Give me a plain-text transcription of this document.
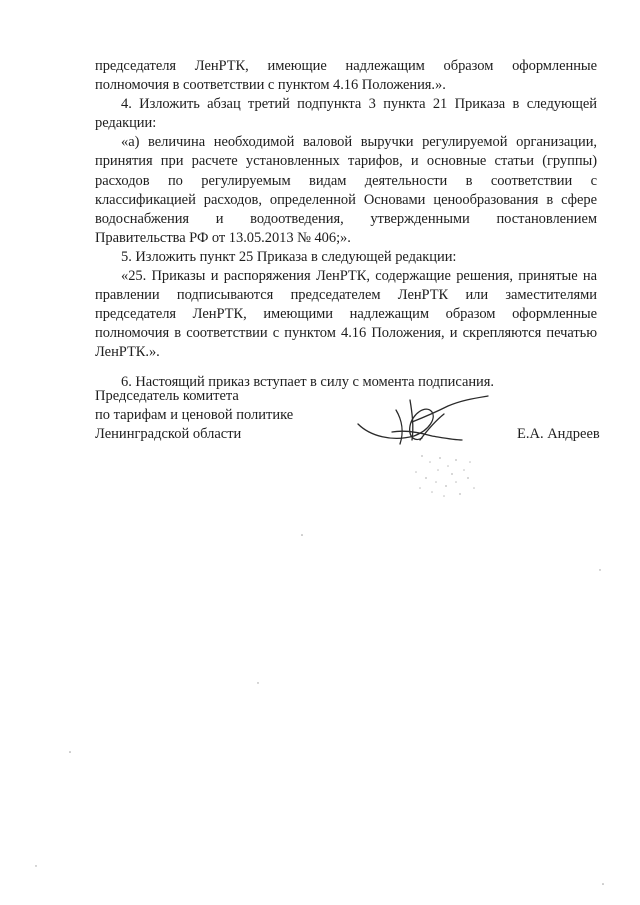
председателя ЛенРТК, имеющие надлежащим образом оформленные полномочия в соответствии с пунктом 4.16 Положения.».

4. Изложить абзац третий подпункта 3 пункта 21 Приказа в следующей редакции:

«а) величина необходимой валовой выручки регулируемой организации, принятия при расчете установленных тарифов, и основные статьи (группы) расходов по регулируемым видам деятельности в соответствии с классификацией расходов, определенной Основами ценообразования в сфере водоснабжения и водоотведения, утвержденными постановлением Правительства РФ от 13.05.2013 № 406;».

5. Изложить пункт 25 Приказа в следующей редакции:

«25. Приказы и распоряжения ЛенРТК, содержащие решения, принятые на правлении подписываются председателем ЛенРТК или заместителями председателя ЛенРТК, имеющими надлежащим образом оформленные полномочия в соответствии с пунктом 4.16 Положения, и скрепляются печатью ЛенРТК.».

6. Настоящий приказ вступает в силу с момента подписания.

Председатель комитета
по тарифам и ценовой политике
Ленинградской области	Е.А. Андреев
